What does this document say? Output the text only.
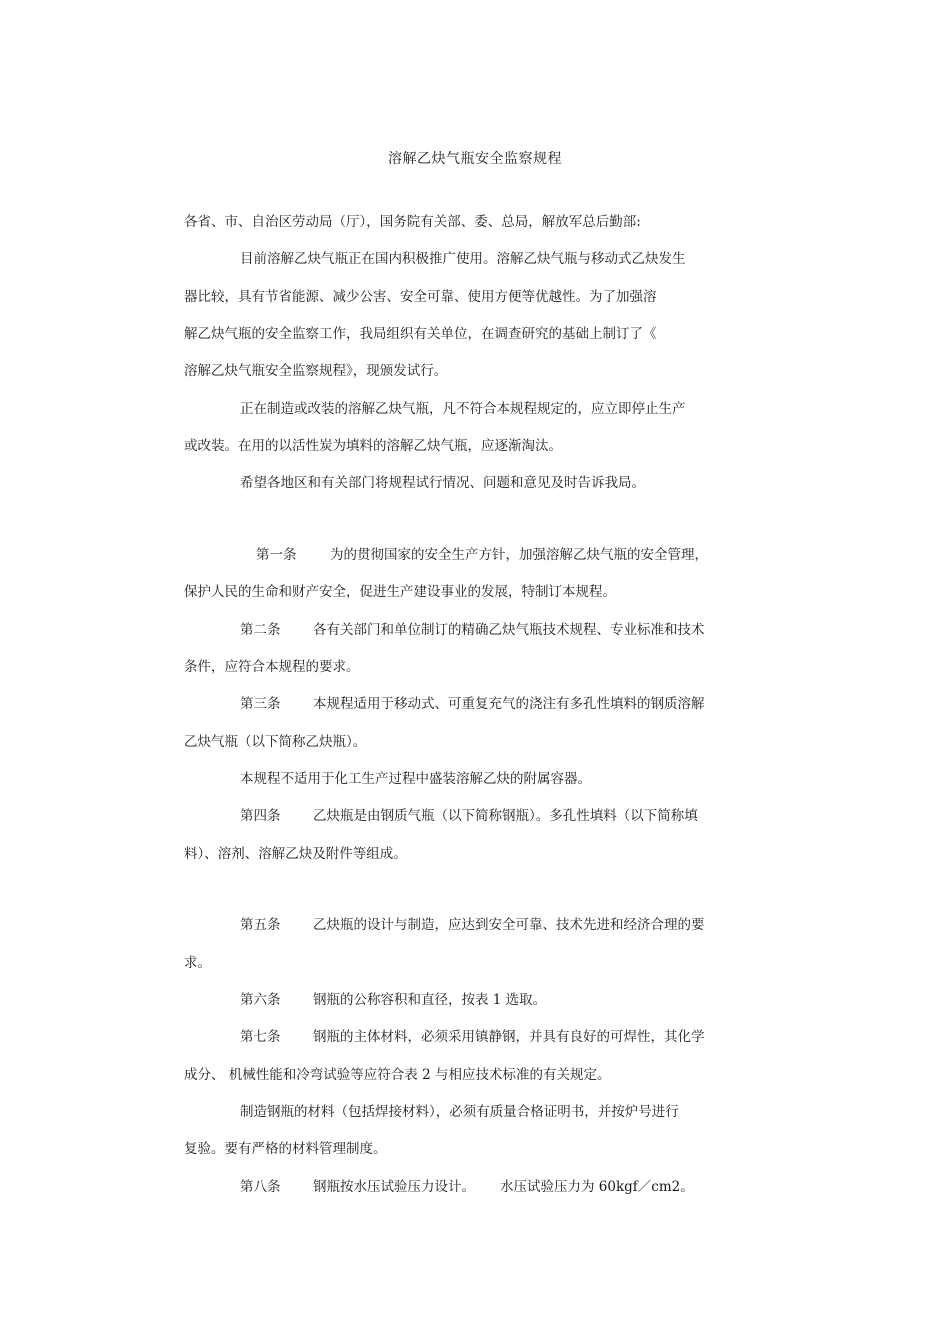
溶解乙炔气瓶安全监察规程
各省、市、自治区劳动局（厅），国务院有关部、委、总局，解放军总后勤部:
目前溶解乙炔气瓶正在国内积极推广使用。溶解乙炔气瓶与移动式乙炔发生
器比较，具有节省能源、减少公害、安全可靠、使用方便等优越性。为了加强溶
解乙炔气瓶的安全监察工作，我局组织有关单位，在调查研究的基础上制订了《
溶解乙炔气瓶安全监察规程》，现颁发试行。
正在制造或改装的溶解乙炔气瓶，凡不符合本规程规定的，应立即停止生产
或改装。在用的以活性炭为填料的溶解乙炔气瓶，应逐渐淘汰。
希望各地区和有关部门将规程试行情况、问题和意见及时告诉我局。
第一条 为的贯彻国家的安全生产方针，加强溶解乙炔气瓶的安全管理，
保护人民的生命和财产安全，促进生产建设事业的发展，特制订本规程。
第二条 各有关部门和单位制订的精确乙炔气瓶技术规程、专业标准和技术
条件，应符合本规程的要求。
第三条 本规程适用于移动式、可重复充气的浇注有多孔性填料的钢质溶解
乙炔气瓶（以下简称乙炔瓶）。
本规程不适用于化工生产过程中盛装溶解乙炔的附属容器。
第四条 乙炔瓶是由钢质气瓶（以下简称钢瓶）。多孔性填料（以下简称填
料）、溶剂、溶解乙炔及附件等组成。
第五条 乙炔瓶的设计与制造，应达到安全可靠、技术先进和经济合理的要
求。
第六条 钢瓶的公称容积和直径，按表 1 选取。
第七条 钢瓶的主体材料，必须采用镇静钢，并具有良好的可焊性，其化学
成分、 机械性能和冷弯试验等应符合表 2 与相应技术标准的有关规定。
制造钢瓶的材料（包括焊接材料），必须有质量合格证明书，并按炉号进行
复验。要有严格的材料管理制度。
第八条 钢瓶按水压试验压力设计。 水压试验压力为 60kgf／cm2。
